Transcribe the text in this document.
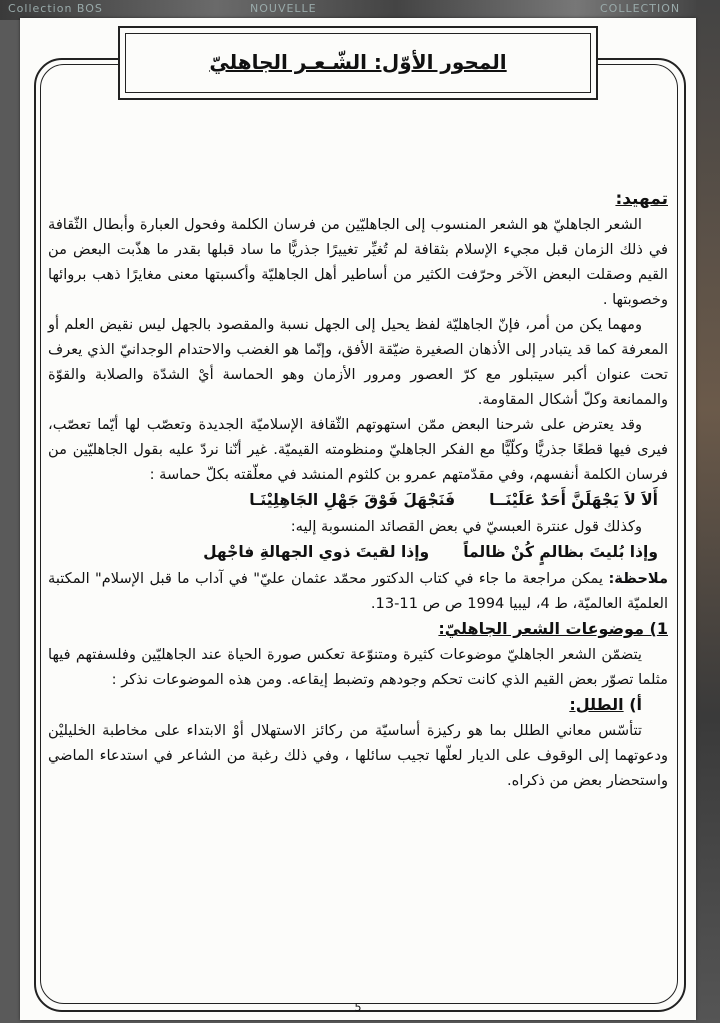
Collection BOS	NOUVELLE	COLLECTION
المحور الأوّل: الشّـعـر الجاهليّ
تمهيد:

الشعر الجاهليّ هو الشعر المنسوب إلى الجاهليّين من فرسان الكلمة وفحول العبارة وأبطال الثّقافة في ذلك الزمان قبل مجيء الإسلام بثقافة لم تُغيِّر تغييرًا جذريًّا ما ساد قبلها بقدر ما هذّبت البعض من القيم وصقلت البعض الآخر وحرّفت الكثير من أساطير أهل الجاهليّة وأكسبتها معنى مغايرًا ذهب بروائها وخصوبتها .

ومهما يكن من أمر، فإنّ الجاهليّة لفظ يحيل إلى الجهل نسبة والمقصود بالجهل ليس نقيض العلم أو المعرفة كما قد يتبادر إلى الأذهان الصغيرة ضيّقة الأفق، وإنّما هو الغضب والاحتدام الوجدانيّ الذي يعرف تحت عنوان أكبر سيتبلور مع كرّ العصور ومرور الأزمان وهو الحماسة أيْ الشدّة والصلابة والقوّة والممانعة وكلّ أشكال المقاومة.

وقد يعترض على شرحنا البعض ممّن استهوتهم الثّقافة الإسلاميّة الجديدة وتعصّب لها أيّما تعصّب، فيرى فيها قطعًا جذريًّا وكلّيًّا مع الفكر الجاهليّ ومنظومته القيميّة. غير أنّنا نردّ عليه بقول الجاهليّين من فرسان الكلمة أنفسهم، وفي مقدّمتهم عمرو بن كلثوم المنشد في معلّقته بكلّ حماسة :

أَلاَ لاَ يَجْهَلَنَّ أَحَدٌ عَلَيْنَــا
فَنَجْهَلَ فَوْقَ جَهْلِ الجَاهِلِيْنَـا

وكذلك قول عنترة العبسيّ في بعض القصائد المنسوبة إليه:

وإذا بُليتَ بظالمٍ كُنْ ظالماً
وإذا لقيتَ ذوي الجهالةِ فاجْهل

ملاحظة: يمكن مراجعة ما جاء في كتاب الدكتور محمّد عثمان عليّ" في آداب ما قبل الإسلام" المكتبة العلميّة العالميّة، ط 4، ليبيا 1994 ص ص 11-13.

1) موضوعات الشعر الجاهليّ:

يتضمّن الشعر الجاهليّ موضوعات كثيرة ومتنوّعة تعكس صورة الحياة عند الجاهليّين وفلسفتهم فيها مثلما تصوّر بعض القيم الذي كانت تحكم وجودهم وتضبط إيقاعه. ومن هذه الموضوعات نذكر :

أ) الطلل:

تتأسّس معاني الطلل بما هو ركيزة أساسيّة من ركائز الاستهلال أوْ الابتداء على مخاطبة الخليليْن ودعوتهما إلى الوقوف على الديار لعلّها تجيب سائلها ، وفي ذلك رغبة من الشاعر في استدعاء الماضي واستحضار بعض من ذكراه.

5
